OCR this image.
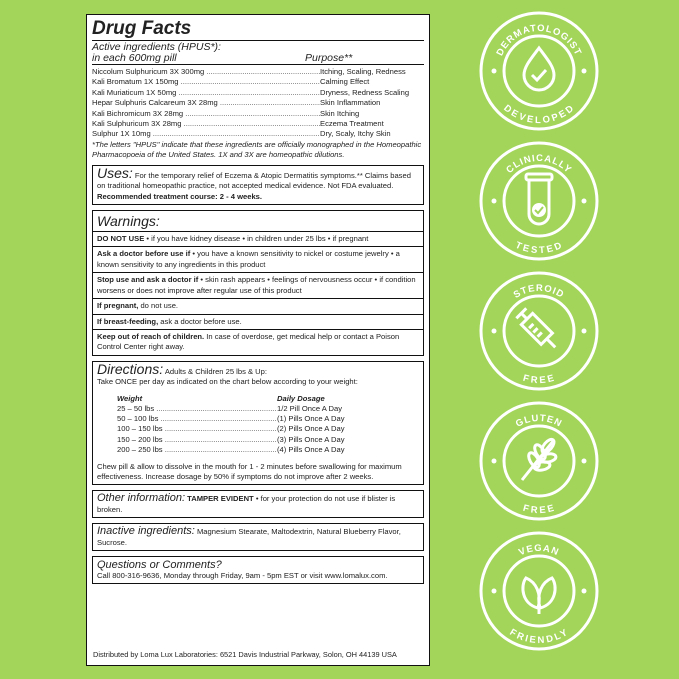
Drug Facts
Active ingredients (HPUS*):
in each 600mg pill	Purpose**
Niccolum Sulphuricum 3X 300mg .....	Itching, Scaling, Redness
Kali Bromatum 1X 150mg .....	Calming Effect
Kali Muriaticum 1X 50mg .....	Dryness, Redness Scaling
Hepar Sulphuris Calcareum 3X 28mg .....	Skin Inflammation
Kali Bichromicum 3X 28mg .....	Skin Itching
Kali Sulphuricum 3X 28mg .....	Eczema Treatment
Sulphur 1X 10mg .....	Dry, Scaly, Itchy Skin
*The letters "HPUS" indicate that these ingredients are officially monographed in the Homeopathic Pharmacopoeia of the United States. 1X and 3X are homeopathic dilutions.
Uses: For the temporary relief of Eczema & Atopic Dermatitis symptoms.** Claims based on traditional homeopathic practice, not accepted medical evidence. Not FDA evaluated. Recommended treatment course: 2 - 4 weeks.
Warnings:
DO NOT USE • if you have kidney disease • in children under 25 lbs • if pregnant
Ask a doctor before use if • you have a known sensitivity to nickel or costume jewelry • a known sensitivity to any ingredients in this product
Stop use and ask a doctor if • skin rash appears • feelings of nervousness occur • if condition worsens or does not improve after regular use of this product
If pregnant, do not use.
If breast-feeding, ask a doctor before use.
Keep out of reach of children. In case of overdose, get medical help or contact a Poison Control Center right away.
Directions: Adults & Children 25 lbs & Up:
Take ONCE per day as indicated on the chart below according to your weight:
Weight	Daily Dosage
25 – 50 lbs .....	1/2 Pill Once A Day
50 – 100 lbs .....	(1) Pills Once A Day
100 – 150 lbs .....	(2) Pills Once A Day
150 – 200 lbs .....	(3) Pills Once A Day
200 – 250 lbs .....	(4) Pills Once A Day
Chew pill & allow to dissolve in the mouth for 1 - 2 minutes before swallowing for maximum effectiveness. Increase dosage by 50% if symptoms do not improve after 2 weeks.
Other information: TAMPER EVIDENT • for your protection do not use if blister is broken.
Inactive ingredients: Magnesium Stearate, Maltodextrin, Natural Blueberry Flavor, Sucrose.
Questions or Comments?
Call 800-316-9636, Monday through Friday, 9am - 5pm EST or visit www.lomalux.com.
Distributed by Loma Lux Laboratories: 6521 Davis Industrial Parkway, Solon, OH 44139 USA
DERMATOLOGIST
DEVELOPED
CLINICALLY
TESTED
STEROID
FREE
GLUTEN
FREE
VEGAN
FRIENDLY
